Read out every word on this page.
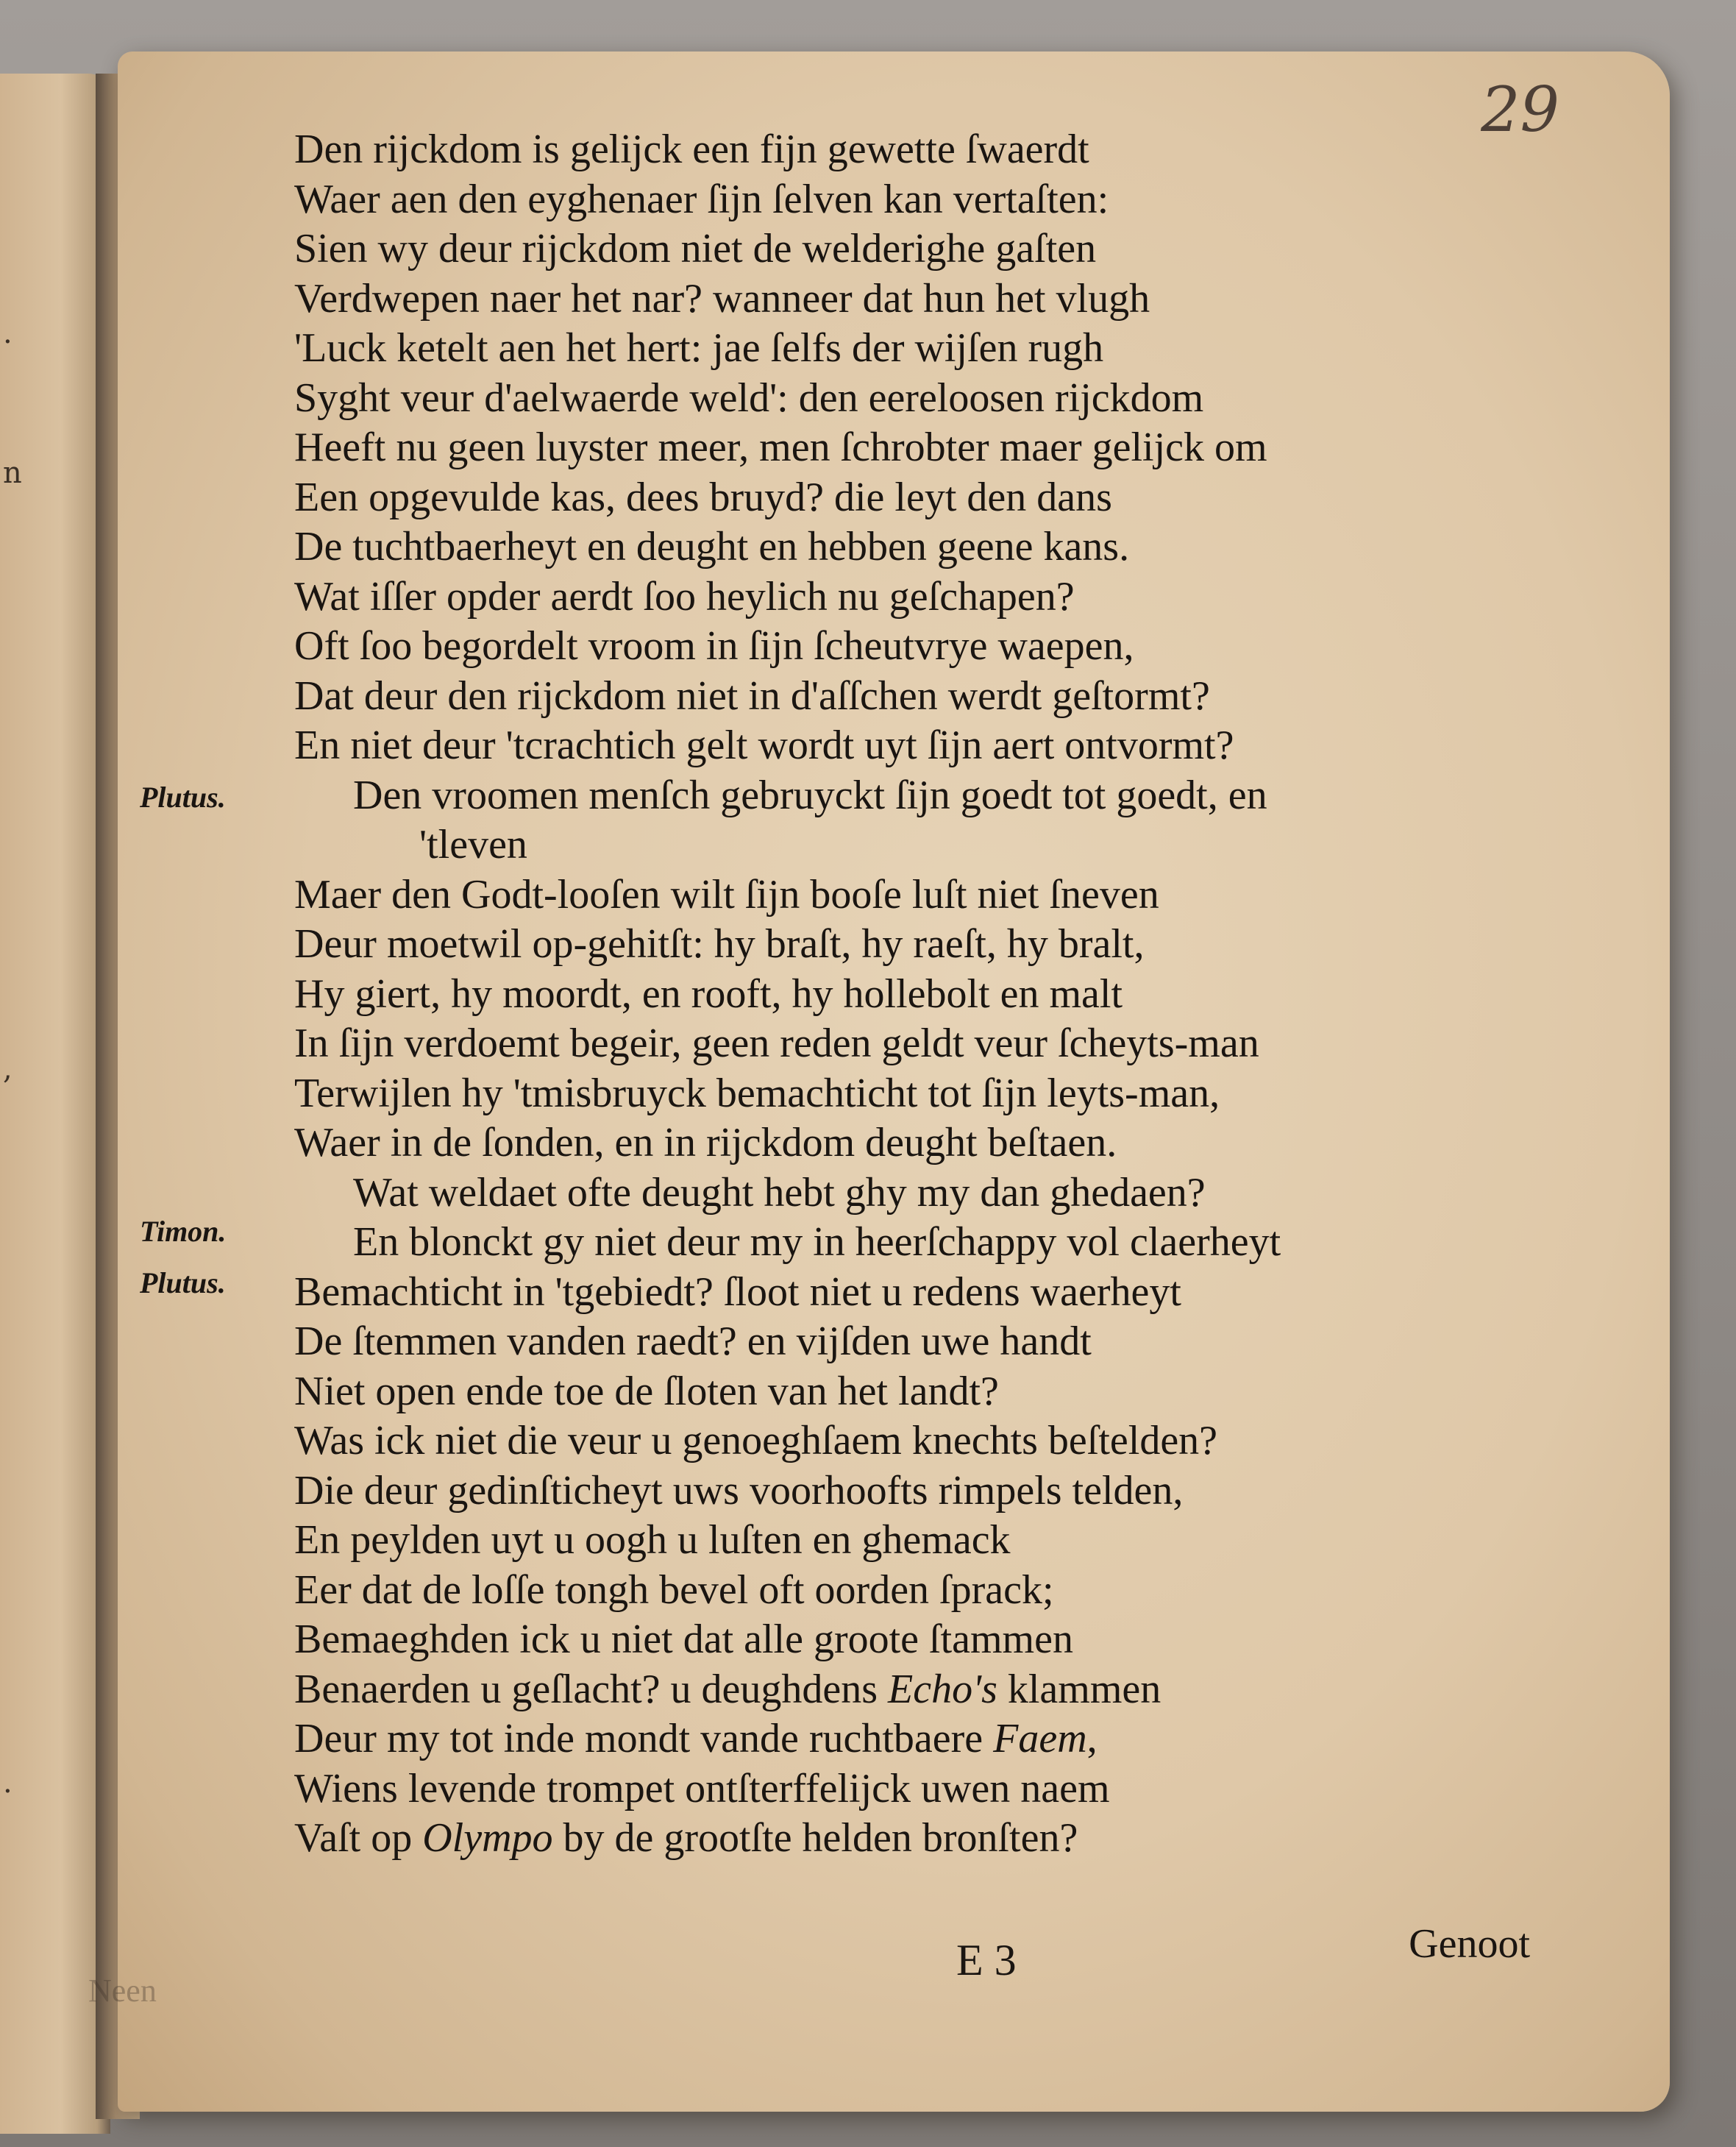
.
n
,
.
29
Plutus.
Timon.
Plutus.
Den rijckdom is gelijck een fijn gewette ſwaerdt
Waer aen den eyghenaer ſijn ſelven kan vertaſten:
Sien wy deur rijckdom niet de welderighe gaſten
Verdwepen naer het nar? wanneer dat hun het vlugh
'Luck ketelt aen het hert: jae ſelfs der wijſen rugh
Syght veur d'aelwaerde weld': den eereloosen rijckdom
Heeft nu geen luyster meer, men ſchrobter maer gelijck om
Een opgevulde kas, dees bruyd? die leyt den dans
De tuchtbaerheyt en deught en hebben geene kans.
Wat iſſer opder aerdt ſoo heylich nu geſchapen?
Oft ſoo begordelt vroom in ſijn ſcheutvrye waepen,
Dat deur den rijckdom niet in d'aſſchen werdt geſtormt?
En niet deur 'tcrachtich gelt wordt uyt ſijn aert ontvormt?
Den vroomen menſch gebruyckt ſijn goedt tot goedt, en
'tleven
Maer den Godt-looſen wilt ſijn booſe luſt niet ſneven
Deur moetwil op-gehitſt: hy braſt, hy raeſt, hy bralt,
Hy giert, hy moordt, en rooft, hy hollebolt en malt
In ſijn verdoemt begeir, geen reden geldt veur ſcheyts-man
Terwijlen hy 'tmisbruyck bemachticht tot ſijn leyts-man,
Waer in de ſonden, en in rijckdom deught beſtaen.
Wat weldaet ofte deught hebt ghy my dan ghedaen?
En blonckt gy niet deur my in heerſchappy vol claerheyt
Bemachticht in 'tgebiedt? ſloot niet u redens waerheyt
De ſtemmen vanden raedt? en vijſden uwe handt
Niet open ende toe de ſloten van het landt?
Was ick niet die veur u genoeghſaem knechts beſtelden?
Die deur gedinſticheyt uws voorhoofts rimpels telden,
En peylden uyt u oogh u luſten en ghemack
Eer dat de loſſe tongh bevel oft oorden ſprack;
Bemaeghden ick u niet dat alle groote ſtammen
Benaerden u geſlacht? u deughdens Echo's klammen
Deur my tot inde mondt vande ruchtbaere Faem,
Wiens levende trompet ontſterffelijck uwen naem
Vaſt op Olympo by de grootſte helden bronſten?
E 3	Genoot
Neen
